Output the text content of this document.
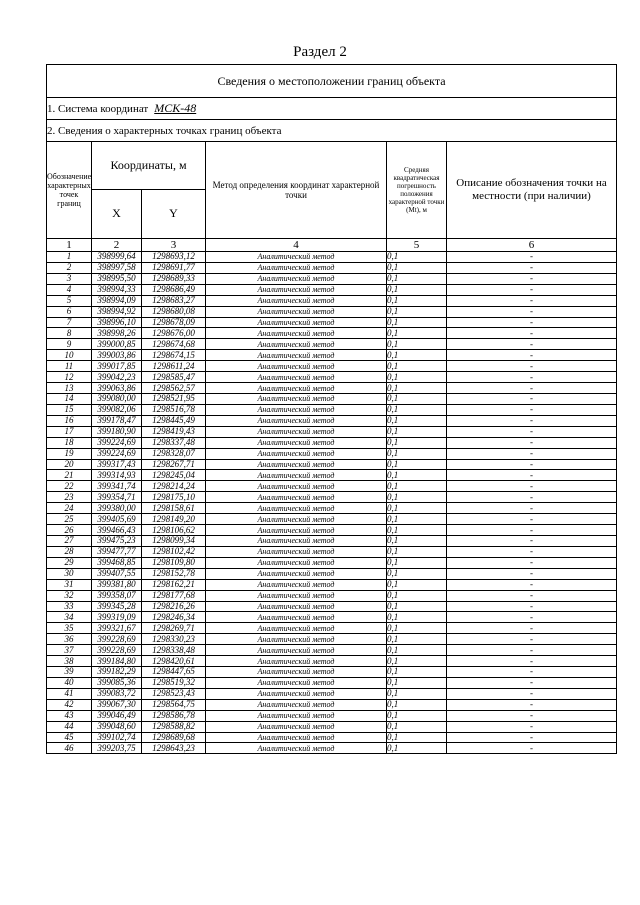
Раздел 2
Сведения о местоположении границ объекта					
1. Система координат МСК-48					
2. Сведения о характерных точках границ объекта					
Обозначение характерных точек границ	Координаты, м		Метод определения координат характерной точки	Средняя квадратическая погрешность положения характерной точки (Mt), м	Описание обозначения точки на местности (при наличии)
	X	Y			
1	2	3	4	5	6
1	398999,64	1298693,12	Аналитический метод	0,1	-
2	398997,58	1298691,77	Аналитический метод	0,1	-
3	398995,50	1298689,33	Аналитический метод	0,1	-
4	398994,33	1298686,49	Аналитический метод	0,1	-
5	398994,09	1298683,27	Аналитический метод	0,1	-
6	398994,92	1298680,08	Аналитический метод	0,1	-
7	398996,10	1298678,09	Аналитический метод	0,1	-
8	398998,26	1298676,00	Аналитический метод	0,1	-
9	399000,85	1298674,68	Аналитический метод	0,1	-
10	399003,86	1298674,15	Аналитический метод	0,1	-
11	399017,85	1298611,24	Аналитический метод	0,1	-
12	399042,23	1298585,47	Аналитический метод	0,1	-
13	399063,86	1298562,57	Аналитический метод	0,1	-
14	399080,00	1298521,95	Аналитический метод	0,1	-
15	399082,06	1298516,78	Аналитический метод	0,1	-
16	399178,47	1298445,49	Аналитический метод	0,1	-
17	399180,90	1298419,43	Аналитический метод	0,1	-
18	399224,69	1298337,48	Аналитический метод	0,1	-
19	399224,69	1298328,07	Аналитический метод	0,1	-
20	399317,43	1298267,71	Аналитический метод	0,1	-
21	399314,93	1298245,04	Аналитический метод	0,1	-
22	399341,74	1298214,24	Аналитический метод	0,1	-
23	399354,71	1298175,10	Аналитический метод	0,1	-
24	399380,00	1298158,61	Аналитический метод	0,1	-
25	399405,69	1298149,20	Аналитический метод	0,1	-
26	399466,43	1298106,62	Аналитический метод	0,1	-
27	399475,23	1298099,34	Аналитический метод	0,1	-
28	399477,77	1298102,42	Аналитический метод	0,1	-
29	399468,85	1298109,80	Аналитический метод	0,1	-
30	399407,55	1298152,78	Аналитический метод	0,1	-
31	399381,80	1298162,21	Аналитический метод	0,1	-
32	399358,07	1298177,68	Аналитический метод	0,1	-
33	399345,28	1298216,26	Аналитический метод	0,1	-
34	399319,09	1298246,34	Аналитический метод	0,1	-
35	399321,67	1298269,71	Аналитический метод	0,1	-
36	399228,69	1298330,23	Аналитический метод	0,1	-
37	399228,69	1298338,48	Аналитический метод	0,1	-
38	399184,80	1298420,61	Аналитический метод	0,1	-
39	399182,29	1298447,65	Аналитический метод	0,1	-
40	399085,36	1298519,32	Аналитический метод	0,1	-
41	399083,72	1298523,43	Аналитический метод	0,1	-
42	399067,30	1298564,75	Аналитический метод	0,1	-
43	399046,49	1298586,78	Аналитический метод	0,1	-
44	399048,60	1298588,82	Аналитический метод	0,1	-
45	399102,74	1298689,68	Аналитический метод	0,1	-
46	399203,75	1298643,23	Аналитический метод	0,1	-
